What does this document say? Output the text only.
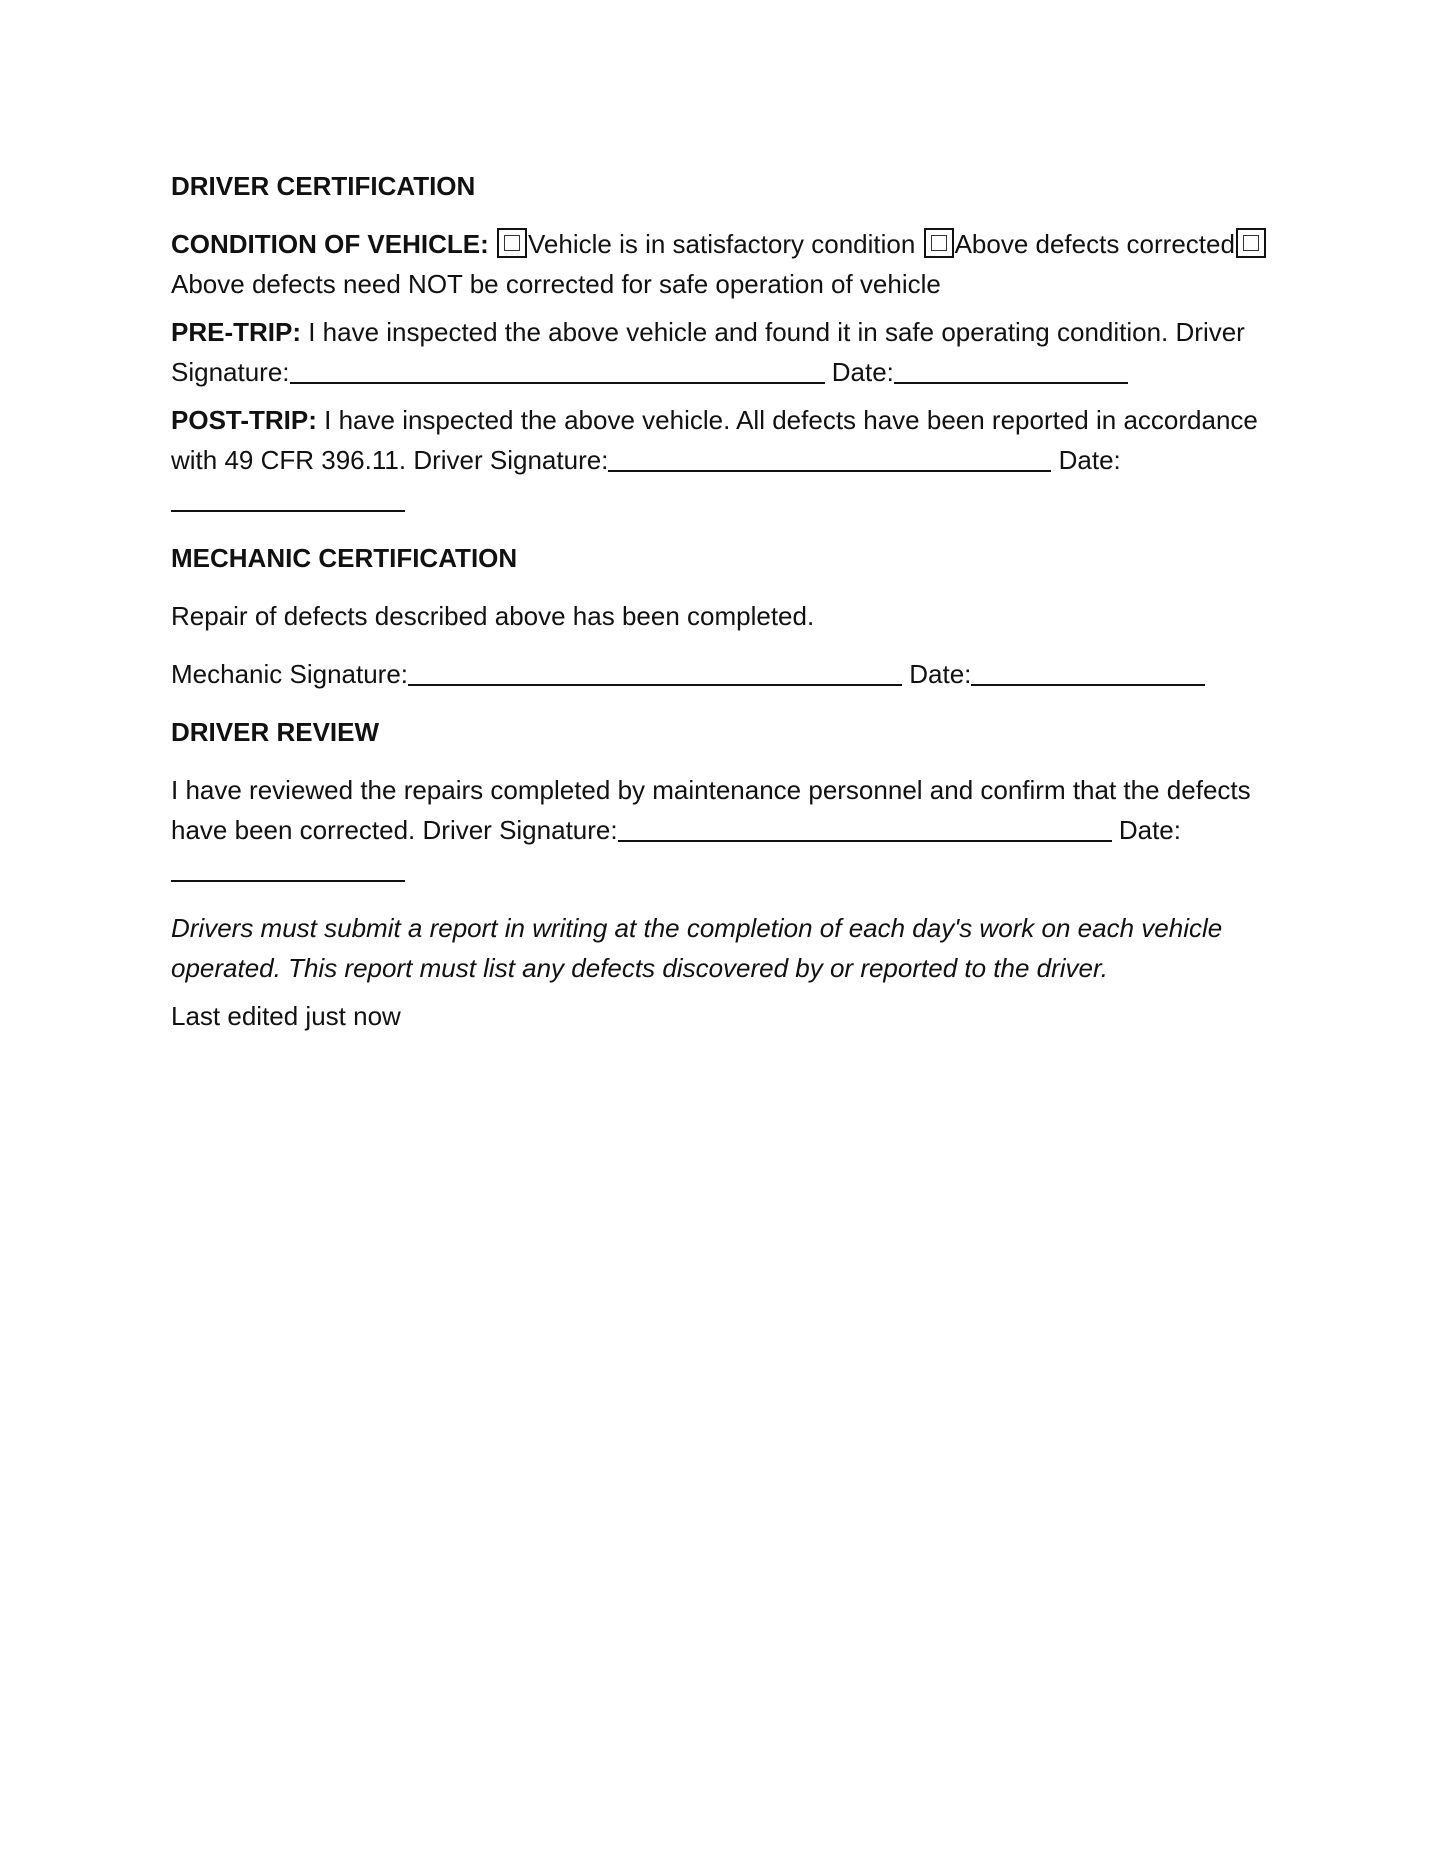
DRIVER CERTIFICATION
CONDITION OF VEHICLE: Vehicle is in satisfactory condition Above defects correctedAbove defects need NOT be corrected for safe operation of vehicle
PRE-TRIP: I have inspected the above vehicle and found it in safe operating condition. Driver Signature:	Date:
POST-TRIP: I have inspected the above vehicle. All defects have been reported in accordance with 49 CFR 396.11. Driver Signature:	Date:
MECHANIC CERTIFICATION
Repair of defects described above has been completed.
Mechanic Signature:	Date:
DRIVER REVIEW
I have reviewed the repairs completed by maintenance personnel and confirm that the defects have been corrected. Driver Signature:	Date:
Drivers must submit a report in writing at the completion of each day's work on each vehicle operated. This report must list any defects discovered by or reported to the driver.
Last edited just now
